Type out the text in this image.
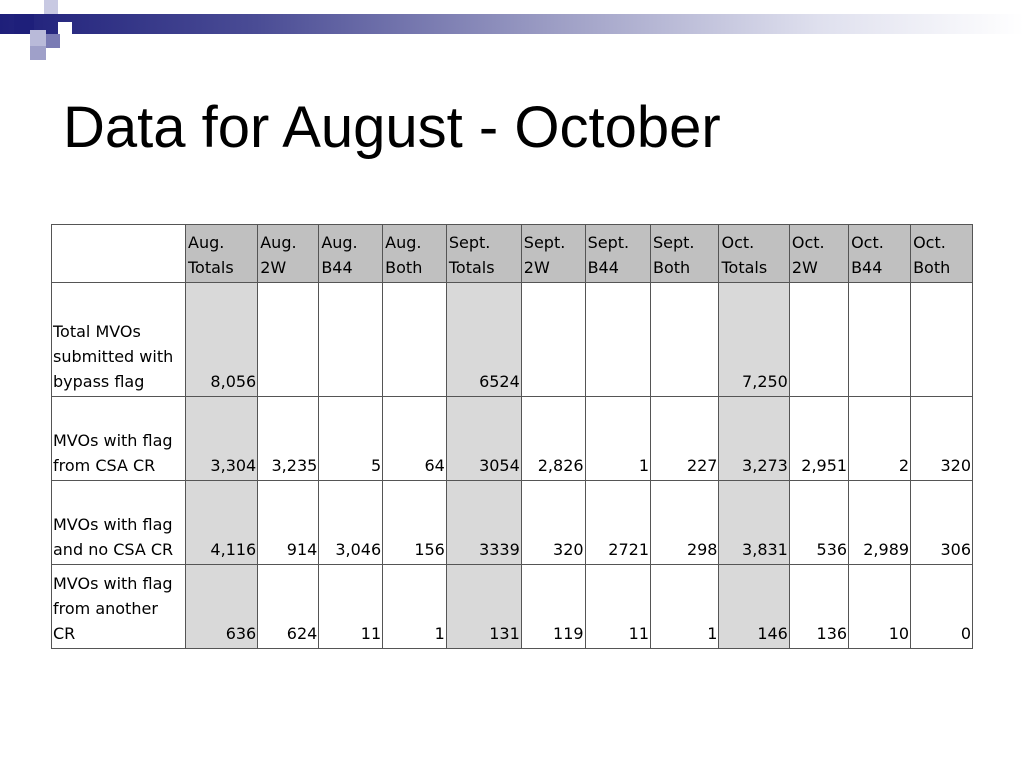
Data for August - October
	Aug. Totals	Aug. 2W	Aug. B44	Aug. Both	Sept. Totals	Sept. 2W	Sept. B44	Sept. Both	Oct. Totals	Oct. 2W	Oct. B44	Oct. Both
Total MVOs submitted with bypass flag	8,056				6524				7,250			
MVOs with flag from CSA CR	3,304	3,235	5	64	3054	2,826	1	227	3,273	2,951	2	320
MVOs with flag and no CSA CR	4,116	914	3,046	156	3339	320	2721	298	3,831	536	2,989	306
MVOs with flag from another CR	636	624	11	1	131	119	11	1	146	136	10	0
